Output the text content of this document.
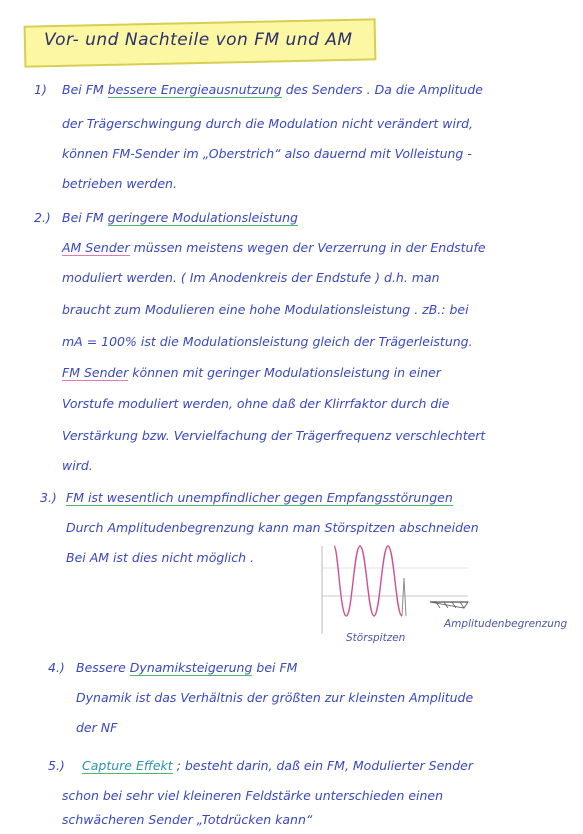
Vor- und Nachteile von FM und AM
1) Bei FM bessere Energieausnutzung des Senders . Da die Amplitude
der Trägerschwingung durch die Modulation nicht verändert wird,
können FM-Sender im „Oberstrich“ also dauernd mit Volleistung -
betrieben werden.
2.) Bei FM geringere Modulationsleistung
AM Sender müssen meistens wegen der Verzerrung in der Endstufe
moduliert werden. ( Im Anodenkreis der Endstufe ) d.h. man
braucht zum Modulieren eine hohe Modulationsleistung . zB.: bei
mA = 100% ist die Modulationsleistung gleich der Trägerleistung.
FM Sender können mit geringer Modulationsleistung in einer
Vorstufe moduliert werden, ohne daß der Klirrfaktor durch die
Verstärkung bzw. Vervielfachung der Trägerfrequenz verschlechtert
wird.
3.) FM ist wesentlich unempfindlicher gegen Empfangsstörungen
Durch Amplitudenbegrenzung kann man Störspitzen abschneiden
Bei AM ist dies nicht möglich .
Störspitzen
Amplitudenbegrenzung
4.) Bessere Dynamiksteigerung bei FM
Dynamik ist das Verhältnis der größten zur kleinsten Amplitude
der NF
5.) Capture Effekt ; besteht darin, daß ein FM, Modulierter Sender
schon bei sehr viel kleineren Feldstärke unterschieden einen
schwächeren Sender „Totdrücken kann“
